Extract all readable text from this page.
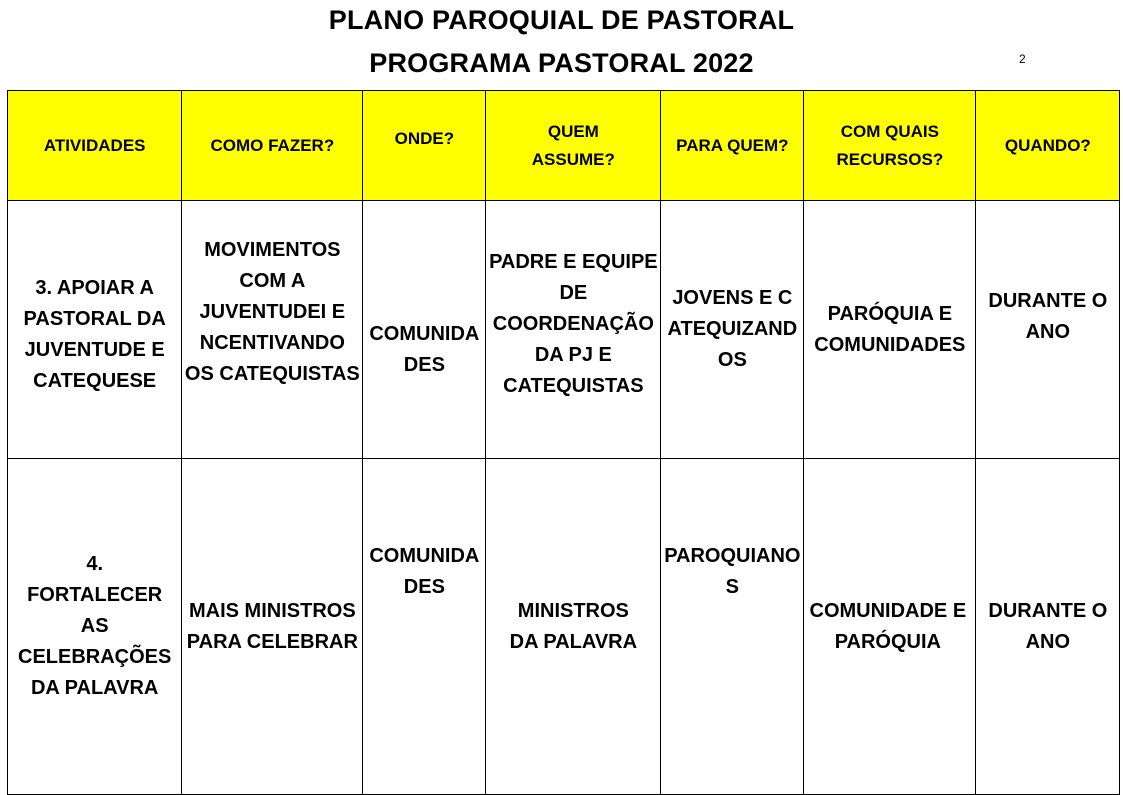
PLANO PAROQUIAL DE PASTORAL
PROGRAMA PASTORAL 2022	2
ATIVIDADES	COMO FAZER?	ONDE?	QUEM ASSUME?	PARA QUEM?	COM QUAIS RECURSOS?	QUANDO?

3. APOIAR A PASTORAL DA JUVENTUDE E CATEQUESE	MOVIMENTOS COM A JUVENTUDEI E NCENTIVANDO OS CATEQUISTAS	COMUNIDADES	PADRE E EQUIPE DE COORDENAÇÃO DA PJ E CATEQUISTAS	JOVENS E CATEQUIZANDOS	PARÓQUIA E COMUNIDADES	DURANTE O ANO

4. FORTALECER AS CELEBRAÇÕES DA PALAVRA	MAIS MINISTROS PARA CELEBRAR	COMUNIDADES	MINISTROS DA PALAVRA	PAROQUIANOS	COMUNIDADE E PARÓQUIA	DURANTE O ANO
